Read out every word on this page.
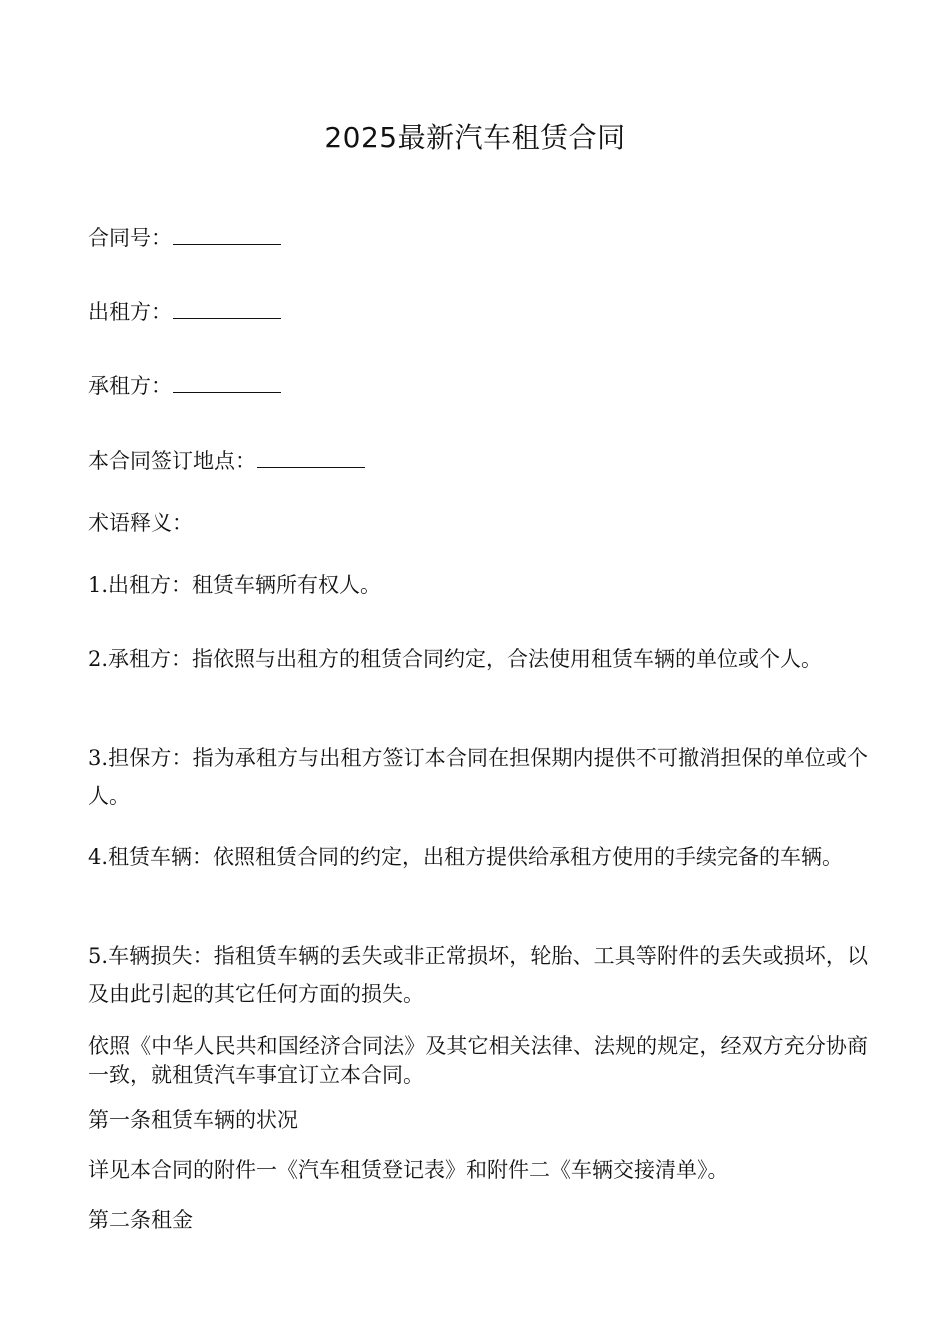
2025最新汽车租赁合同

合同号：

出租方：

承租方：

本合同签订地点：

术语释义：

1.出租方：租赁车辆所有权人。

2.承租方：指依照与出租方的租赁合同约定，合法使用租赁车辆的单位或个人。

3.担保方：指为承租方与出租方签订本合同在担保期内提供不可撤消担保的单位或个人。

4.租赁车辆：依照租赁合同的约定，出租方提供给承租方使用的手续完备的车辆。

5.车辆损失：指租赁车辆的丢失或非正常损坏，轮胎、工具等附件的丢失或损坏，以及由此引起的其它任何方面的损失。

依照《中华人民共和国经济合同法》及其它相关法律、法规的规定，经双方充分协商一致，就租赁汽车事宜订立本合同。

第一条租赁车辆的状况

详见本合同的附件一《汽车租赁登记表》和附件二《车辆交接清单》。

第二条租金
